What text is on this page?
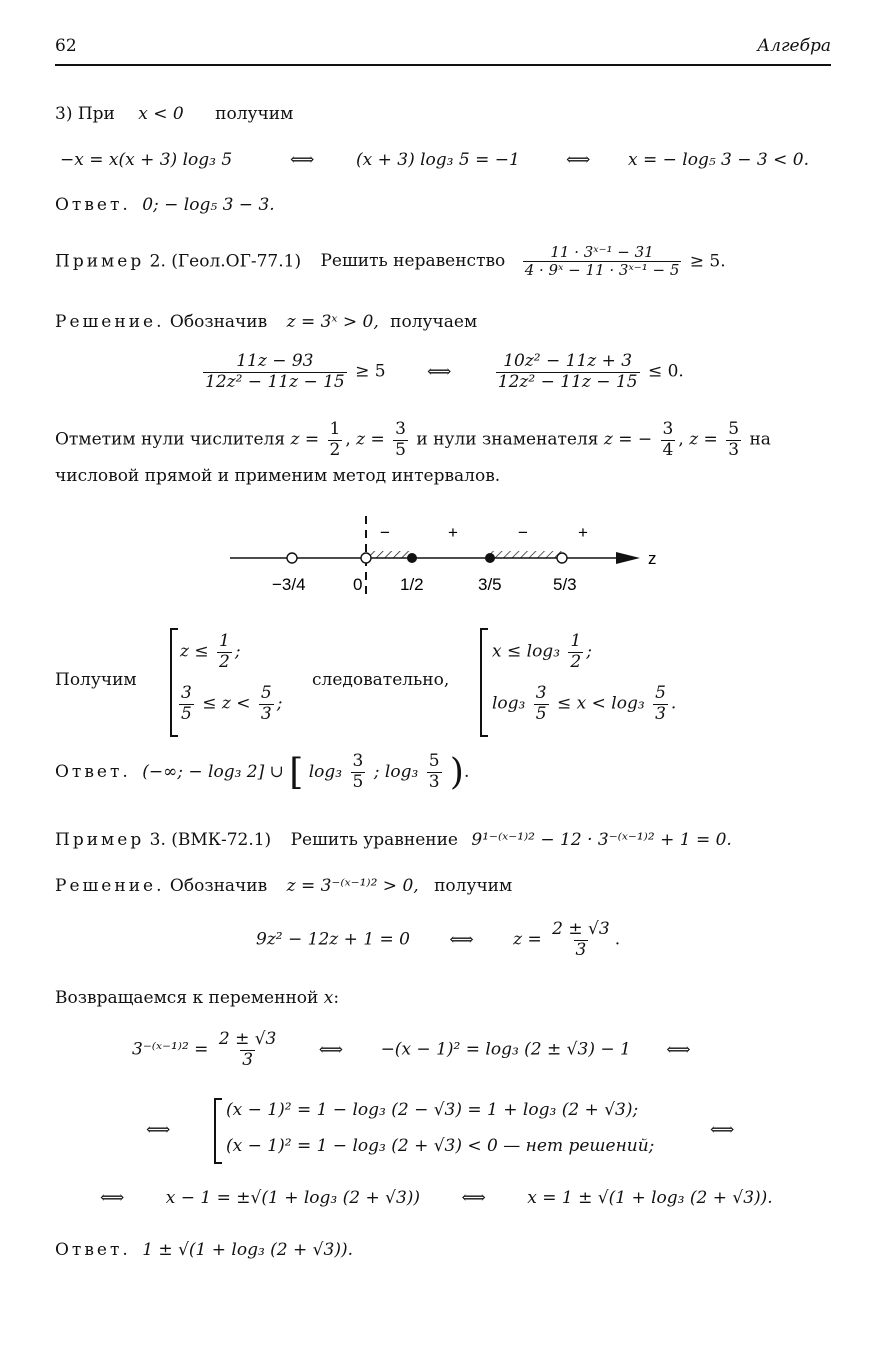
62	Алгебра
3) При x < 0 получим
−x = x(x + 3) log₃ 5	⟺ (x + 3) log₃ 5 = −1	⟺ x = − log₅ 3 − 3 < 0.
Ответ. 0; − log₅ 3 − 3.
Пример 2. (Геол.ОГ-77.1) Решить неравенство $\frac{\text{11 · 3ˣ⁻¹ − 31}}{\text{4 · 9ˣ − 11 · 3ˣ⁻¹ − 5}} \ge 5$.
Решение. Обозначив z = 3ˣ > 0, получаем
$\frac{11z - 93}{\text{12z² − 11z − 15}} \ge 5$ ⟺	$\frac{\text{10z² − 11z + 3}}{\text{12z² − 11z − 15}} \le 0$.
Отметим нули числителя $z = \frac{1}{2}$ , $z = \frac{3}{5}$ и нули знаменателя z = − $\frac{3}{4}$ , $z = \frac{5}{3}$ на
числовой прямой и применим метод интервалов.
z
−	+	−	+
−3/4	0 1/2	3/5	5/3
Получим
$z \le \frac{1}{2}$ ;
$\frac{3}{5} \le z < \frac{5}{3}$ ;
следовательно,
$x \le \log_3 \frac{1}{2}$ ;
$\log_3 \frac{3}{5} \le x < \log_3 \frac{5}{3}$ .
Ответ. (−∞; − log₃ 2] ∪ [ $\log_3 \frac{3}{5}$ ; $\log_3 \frac{5}{3}$ ).
Пример 3. (ВМК-72.1) Решить уравнение 9¹⁻⁽ˣ⁻¹⁾² − 12 · 3⁻⁽ˣ⁻¹⁾² + 1 = 0.
Решение. Обозначив z = 3⁻⁽ˣ⁻¹⁾² > 0, получим
9z² − 12z + 1 = 0 ⟺ $z = \frac{2 \pm √3}{3}$ .
Возвращаемся к переменной x:
3⁻⁽ˣ⁻¹⁾² = $\frac{2 \pm √3}{3}$ ⟺ −(x − 1)² = log₃ (2 ± √3) − 1 ⟺
⟺
(x − 1)² = 1 − log₃ (2 − √3) = 1 + log₃ (2 + √3);
(x − 1)² = 1 − log₃ (2 + √3) < 0 — нет решений;
⟺
⟺ x − 1 = ±√(1 + log₃ (2 + √3)) ⟺ x = 1 ± √(1 + log₃ (2 + √3)).
Ответ. 1 ± √(1 + log₃ (2 + √3)).
